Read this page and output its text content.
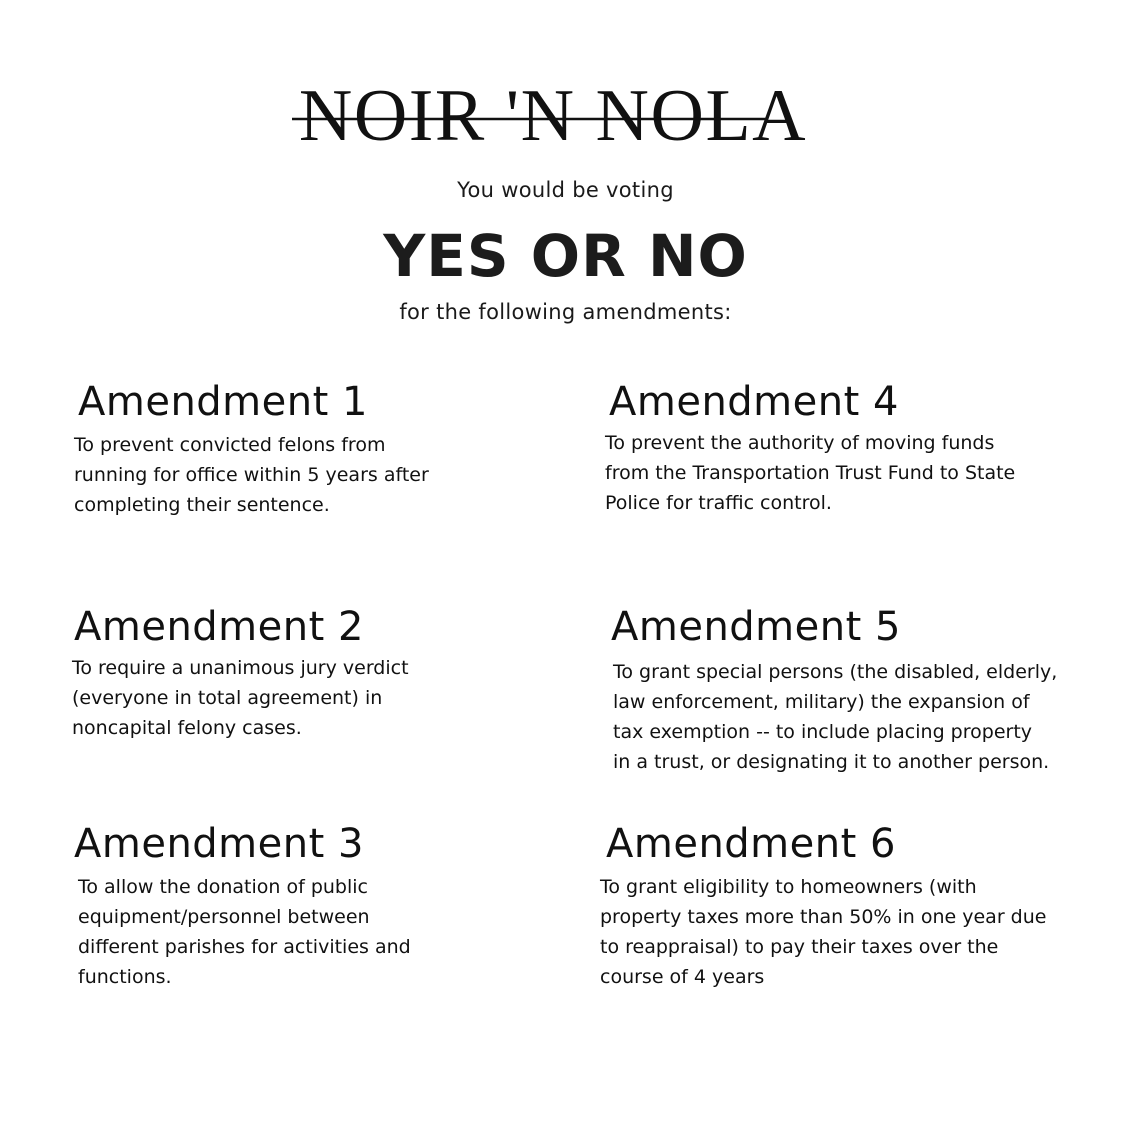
NOIR 'N NOLA
You would be voting
YES OR NO
for the following amendments:
Amendment 1

To prevent convicted felons from
running for office within 5 years after
completing their sentence.

Amendment 2

To require a unanimous jury verdict
(everyone in total agreement) in
noncapital felony cases.

Amendment 3

To allow the donation of public
equipment/personnel between
different parishes for activities and
functions.

Amendment 4

To prevent the authority of moving funds
from the Transportation Trust Fund to State
Police for traffic control.

Amendment 5

To grant special persons (the disabled, elderly,
law enforcement, military) the expansion of
tax exemption -- to include placing property
in a trust, or designating it to another person.

Amendment 6

To grant eligibility to homeowners (with
property taxes more than 50% in one year due
to reappraisal) to pay their taxes over the
course of 4 years
